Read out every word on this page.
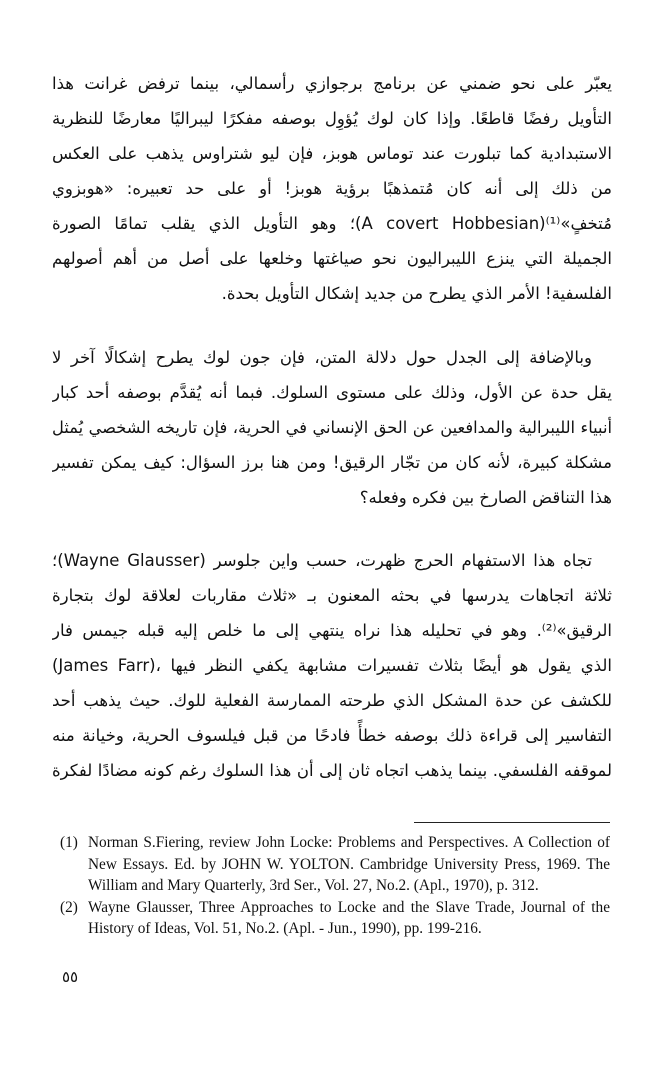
يعبّر على نحو ضمني عن برنامج برجوازي رأسمالي، بينما ترفض غرانت هذا
التأويل رفضًا قاطعًا. وإذا كان لوك يُؤوِل بوصفه مفكرًا ليبراليًا معارضًا للنظرية
الاستبدادية كما تبلورت عند توماس هوبز، فإن ليو شتراوس يذهب على العكس
من ذلك إلى أنه كان مُتمذهبًا برؤية هوبز! أو على حد تعبيره: «هوبزوي
مُتخفٍ»⁽¹⁾(A covert Hobbesian)؛ وهو التأويل الذي يقلب تمامًا الصورة
الجميلة التي ينزع الليبراليون نحو صياغتها وخلعها على أصل من أهم أصولهم
الفلسفية! الأمر الذي يطرح من جديد إشكال التأويل بحدة.
وبالإضافة إلى الجدل حول دلالة المتن، فإن جون لوك يطرح إشكالًا آخر لا
يقل حدة عن الأول، وذلك على مستوى السلوك. فبما أنه يُقدَّم بوصفه أحد كبار
أنبياء الليبرالية والمدافعين عن الحق الإنساني في الحرية، فإن تاريخه الشخصي يُمثل
مشكلة كبيرة، لأنه كان من تجّار الرقيق! ومن هنا برز السؤال: كيف يمكن تفسير
هذا التناقض الصارخ بين فكره وفعله؟
تجاه هذا الاستفهام الحرج ظهرت، حسب واين جلوسر (Wayne Glausser)؛
ثلاثة اتجاهات يدرسها في بحثه المعنون بـ «ثلاث مقاربات لعلاقة لوك بتجارة
الرقيق»⁽²⁾. وهو في تحليله هذا نراه ينتهي إلى ما خلص إليه قبله جيمس فار
(James Farr)، الذي يقول هو أيضًا بثلاث تفسيرات مشابهة يكفي النظر فيها
للكشف عن حدة المشكل الذي طرحته الممارسة الفعلية للوك. حيث يذهب أحد
التفاسير إلى قراءة ذلك بوصفه خطأً فادحًا من قبل فيلسوف الحرية، وخيانة منه
لموقفه الفلسفي. بينما يذهب اتجاه ثان إلى أن هذا السلوك رغم كونه مضادًا لفكرة
(1) Norman S.Fiering, review John Locke: Problems and Perspectives. A Collection of New Essays. Ed. by JOHN W. YOLTON. Cambridge University Press, 1969. The William and Mary Quarterly, 3rd Ser., Vol. 27, No.2. (Apl., 1970), p. 312.
(2) Wayne Glausser, Three Approaches to Locke and the Slave Trade, Journal of the History of Ideas, Vol. 51, No.2. (Apl. - Jun., 1990), pp. 199-216.
٥٥
